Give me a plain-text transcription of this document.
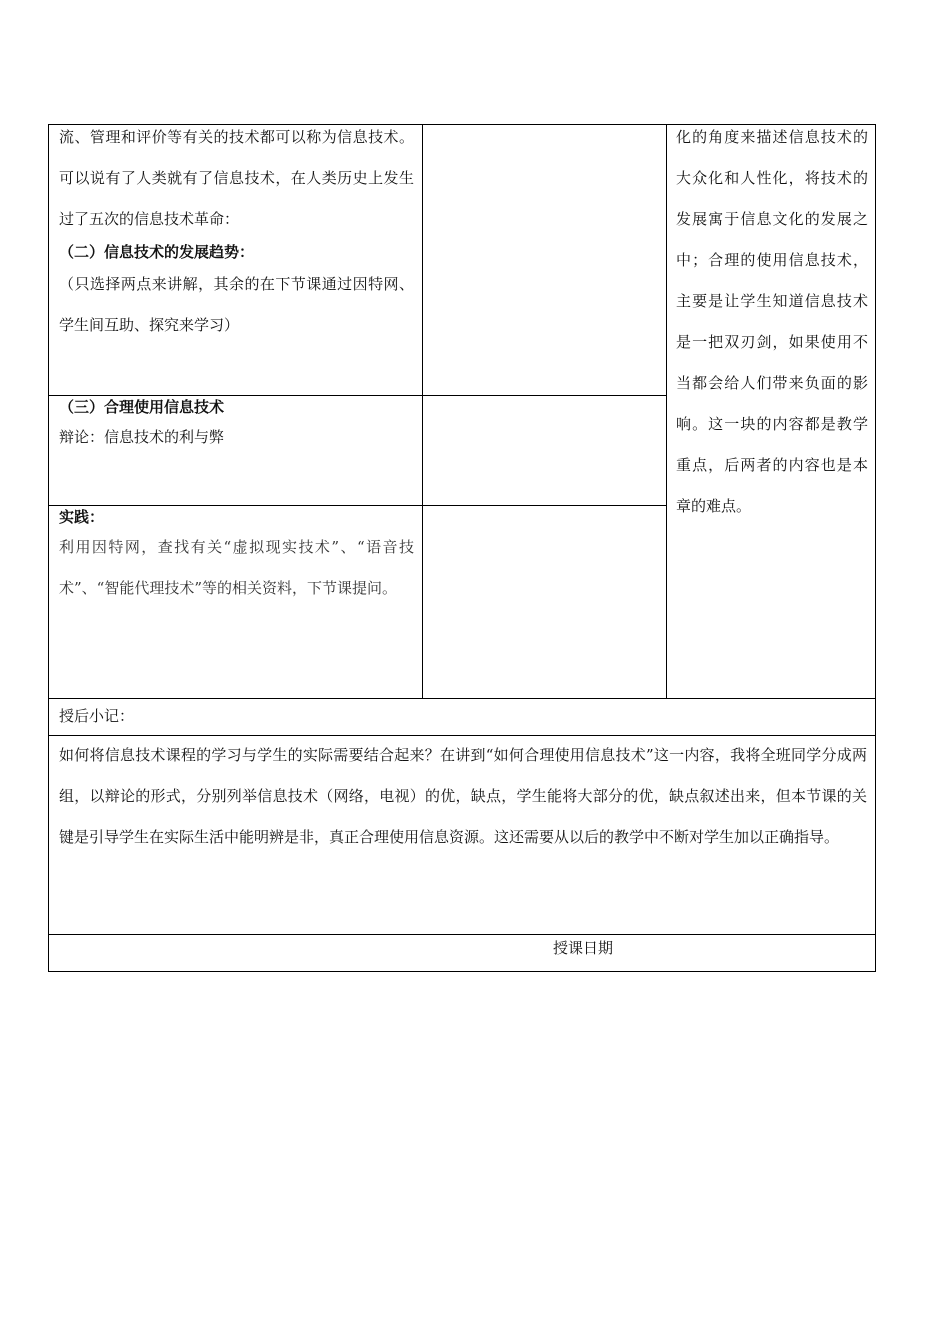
流、管理和评价等有关的技术都可以称为信息技术。可以说有了人类就有了信息技术，在人类历史上发生过了五次的信息技术革命：

（二）信息技术的发展趋势：

（只选择两点来讲解，其余的在下节课通过因特网、学生间互助、探究来学习）

（三）合理使用信息技术

辩论：信息技术的利与弊

实践：

利用因特网，查找有关“虚拟现实技术”、“语音技术”、“智能代理技术”等的相关资料，下节课提问。

化的角度来描述信息技术的大众化和人性化，将技术的发展寓于信息文化的发展之中；合理的使用信息技术，主要是让学生知道信息技术是一把双刃剑，如果使用不当都会给人们带来负面的影响。这一块的内容都是教学重点，后两者的内容也是本章的难点。

授后小记：

如何将信息技术课程的学习与学生的实际需要结合起来？在讲到“如何合理使用信息技术”这一内容，我将全班同学分成两组，以辩论的形式，分别列举信息技术（网络，电视）的优，缺点，学生能将大部分的优，缺点叙述出来，但本节课的关键是引导学生在实际生活中能明辨是非，真正合理使用信息资源。这还需要从以后的教学中不断对学生加以正确指导。

授课日期
